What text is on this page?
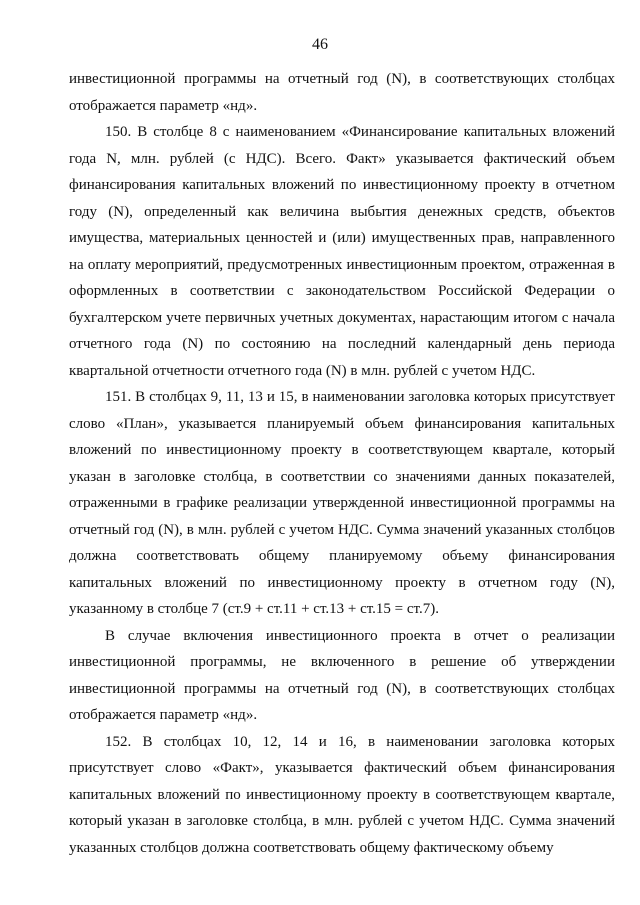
46

инвестиционной программы на отчетный год (N), в соответствующих столбцах отображается параметр «нд».

150. В столбце 8 с наименованием «Финансирование капитальных вложений года N, млн. рублей (с НДС). Всего. Факт» указывается фактический объем финансирования капитальных вложений по инвестиционному проекту в отчетном году (N), определенный как величина выбытия денежных средств, объектов имущества, материальных ценностей и (или) имущественных прав, направленного на оплату мероприятий, предусмотренных инвестиционным проектом, отраженная в оформленных в соответствии с законодательством Российской Федерации о бухгалтерском учете первичных учетных документах, нарастающим итогом с начала отчетного года (N) по состоянию на последний календарный день периода квартальной отчетности отчетного года (N) в млн. рублей с учетом НДС.

151. В столбцах 9, 11, 13 и 15, в наименовании заголовка которых присутствует слово «План», указывается планируемый объем финансирования капитальных вложений по инвестиционному проекту в соответствующем квартале, который указан в заголовке столбца, в соответствии со значениями данных показателей, отраженными в графике реализации утвержденной инвестиционной программы на отчетный год (N), в млн. рублей с учетом НДС. Сумма значений указанных столбцов должна соответствовать общему планируемому объему финансирования капитальных вложений по инвестиционному проекту в отчетном году (N), указанному в столбце 7 (ст.9 + ст.11 + ст.13 + ст.15 = ст.7).

В случае включения инвестиционного проекта в отчет о реализации инвестиционной программы, не включенного в решение об утверждении инвестиционной программы на отчетный год (N), в соответствующих столбцах отображается параметр «нд».

152. В столбцах 10, 12, 14 и 16, в наименовании заголовка которых присутствует слово «Факт», указывается фактический объем финансирования капитальных вложений по инвестиционному проекту в соответствующем квартале, который указан в заголовке столбца, в млн. рублей с учетом НДС. Сумма значений указанных столбцов должна соответствовать общему фактическому объему
